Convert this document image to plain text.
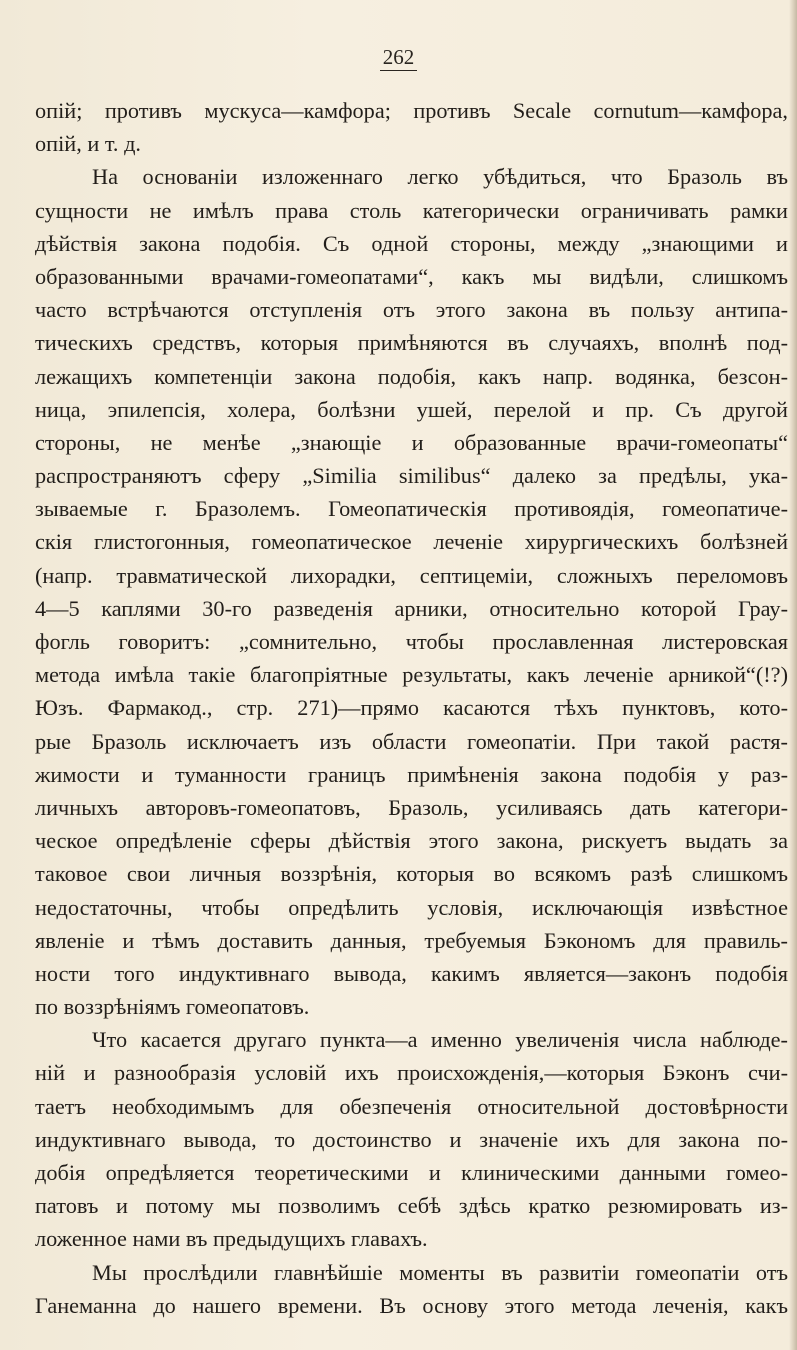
262
опій; противъ мускуса—камфора; противъ Secale cornutum—камфора,
опій, и т. д.
На основаніи изложеннаго легко убѣдиться, что Бразоль въ
сущности не имѣлъ права столь категорически ограничивать рамки
дѣйствія закона подобія. Съ одной стороны, между „знающими и
образованными врачами-гомеопатами“, какъ мы видѣли, слишкомъ
часто встрѣчаются отступленія отъ этого закона въ пользу антипа-
тическихъ средствъ, которыя примѣняются въ случаяхъ, вполнѣ под-
лежащихъ компетенціи закона подобія, какъ напр. водянка, безсон-
ница, эпилепсія, холера, болѣзни ушей, перелой и пр. Съ другой
стороны, не менѣе „знающіе и образованные врачи-гомеопаты“
распространяютъ сферу „Similia similibus“ далеко за предѣлы, ука-
зываемые г. Бразолемъ. Гомеопатическія противоядія, гомеопатиче-
скія глистогонныя, гомеопатическое леченіе хирургическихъ болѣзней
(напр. травматической лихорадки, септицеміи, сложныхъ переломовъ
4—5 каплями 30-го разведенія арники, относительно которой Грау-
фогль говоритъ: „сомнительно, чтобы прославленная листеровская
метода имѣла такіе благопріятные результаты, какъ леченіе арникой“(!?)
Юзъ. Фармакод., стр. 271)—прямо касаются тѣхъ пунктовъ, кото-
рые Бразоль исключаетъ изъ области гомеопатіи. При такой растя-
жимости и туманности границъ примѣненія закона подобія у раз-
личныхъ авторовъ-гомеопатовъ, Бразоль, усиливаясь дать категори-
ческое опредѣленіе сферы дѣйствія этого закона, рискуетъ выдать за
таковое свои личныя воззрѣнія, которыя во всякомъ разѣ слишкомъ
недостаточны, чтобы опредѣлить условія, исключающія извѣстное
явленіе и тѣмъ доставить данныя, требуемыя Бэкономъ для правиль-
ности того индуктивнаго вывода, какимъ является—законъ подобія
по воззрѣніямъ гомеопатовъ.
Что касается другаго пункта—а именно увеличенія числа наблюде-
ній и разнообразія условій ихъ происхожденія,—которыя Бэконъ счи-
таетъ необходимымъ для обезпеченія относительной достовѣрности
индуктивнаго вывода, то достоинство и значеніе ихъ для закона по-
добія опредѣляется теоретическими и клиническими данными гомео-
патовъ и потому мы позволимъ себѣ здѣсь кратко резюмировать из-
ложенное нами въ предыдущихъ главахъ.
Мы прослѣдили главнѣйшіе моменты въ развитіи гомеопатіи отъ
Ганеманна до нашего времени. Въ основу этого метода леченія, какъ
